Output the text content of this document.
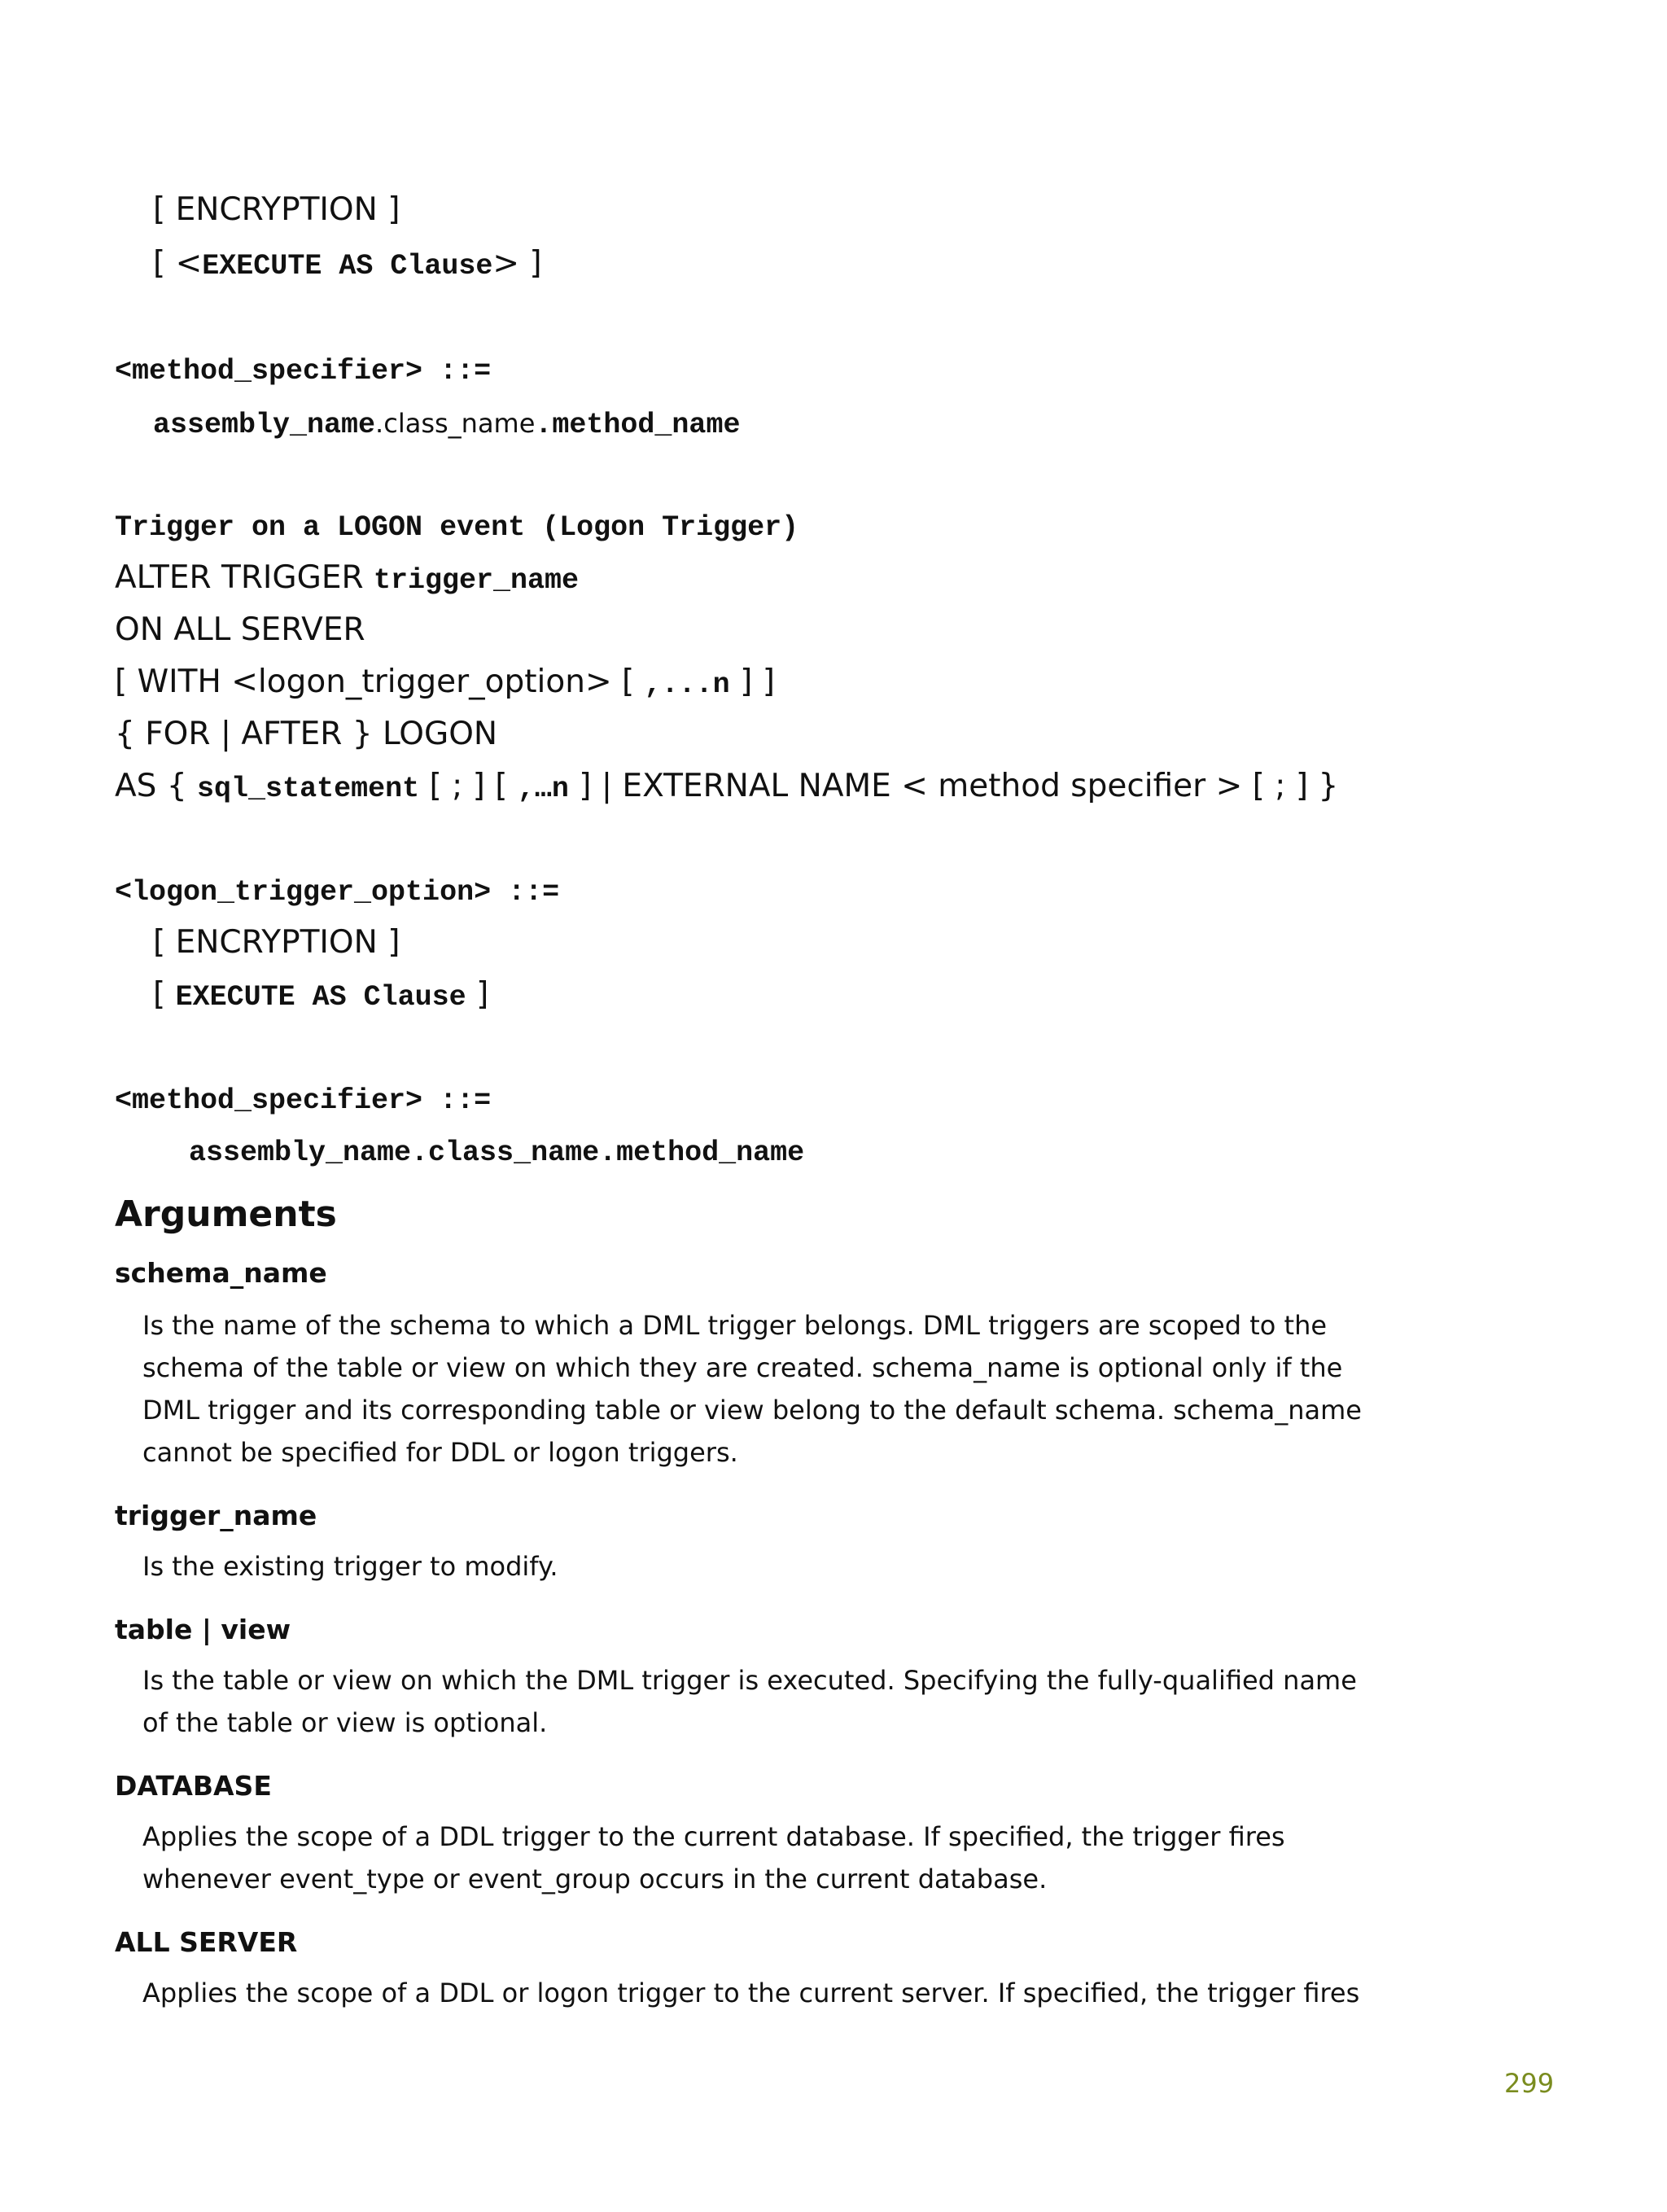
[ ENCRYPTION ]
[ <EXECUTE AS Clause> ]
<method_specifier> ::=
assembly_name.class_name.method_name
Trigger on a LOGON event (Logon Trigger)
ALTER TRIGGER trigger_name
ON ALL SERVER
[ WITH <logon_trigger_option> [ ,...n ] ]
{ FOR | AFTER } LOGON
AS { sql_statement [ ; ] [ ,…n ] | EXTERNAL NAME < method specifier > [ ; ] }
<logon_trigger_option> ::=
[ ENCRYPTION ]
[ EXECUTE AS Clause ]
<method_specifier> ::=
assembly_name.class_name.method_name
Arguments
schema_name
Is the name of the schema to which a DML trigger belongs. DML triggers are scoped to the
schema of the table or view on which they are created. schema_name is optional only if the
DML trigger and its corresponding table or view belong to the default schema. schema_name
cannot be specified for DDL or logon triggers.
trigger_name
Is the existing trigger to modify.
table | view
Is the table or view on which the DML trigger is executed. Specifying the fully-qualified name
of the table or view is optional.
DATABASE
Applies the scope of a DDL trigger to the current database. If specified, the trigger fires
whenever event_type or event_group occurs in the current database.
ALL SERVER
Applies the scope of a DDL or logon trigger to the current server. If specified, the trigger fires
299
